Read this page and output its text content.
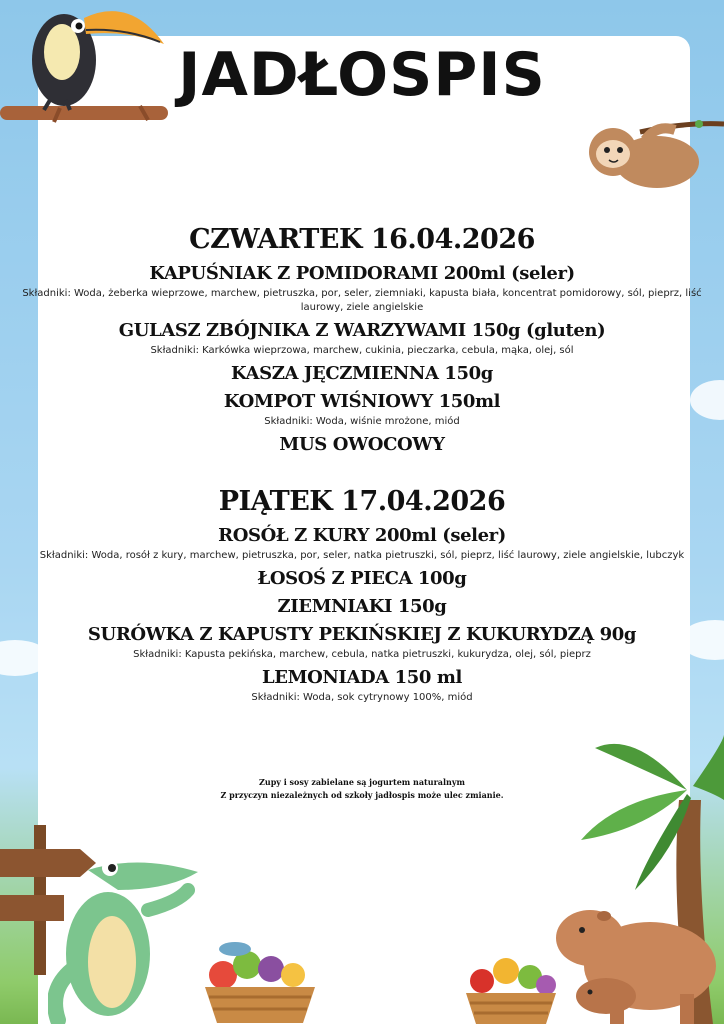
JADŁOSPIS
CZWARTEK 16.04.2026

KAPUŚNIAK Z POMIDORAMI 200ml (seler)

Składniki: Woda, żeberka wieprzowe, marchew, pietruszka, por, seler, ziemniaki, kapusta biała, koncentrat pomidorowy, sól, pieprz, liść laurowy, ziele angielskie

GULASZ ZBÓJNIKA Z WARZYWAMI 150g (gluten)

Składniki: Karkówka wieprzowa, marchew, cukinia, pieczarka, cebula, mąka, olej, sól

KASZA JĘCZMIENNA 150g

KOMPOT WIŚNIOWY 150ml

Składniki: Woda, wiśnie mrożone, miód

MUS OWOCOWY

PIĄTEK 17.04.2026

ROSÓŁ Z KURY 200ml (seler)

Składniki: Woda, rosół z kury, marchew, pietruszka, por, seler, natka pietruszki, sól, pieprz, liść laurowy, ziele angielskie, lubczyk

ŁOSOŚ Z PIECA 100g

ZIEMNIAKI 150g

SURÓWKA Z KAPUSTY PEKIŃSKIEJ Z KUKURYDZĄ 90g

Składniki: Kapusta pekińska, marchew, cebula, natka pietruszki, kukurydza, olej, sól, pieprz

LEMONIADA 150 ml

Składniki: Woda, sok cytrynowy 100%, miód

Zupy i sosy zabielane są jogurtem naturalnym
Z przyczyn niezależnych od szkoły jadłospis może ulec zmianie.
